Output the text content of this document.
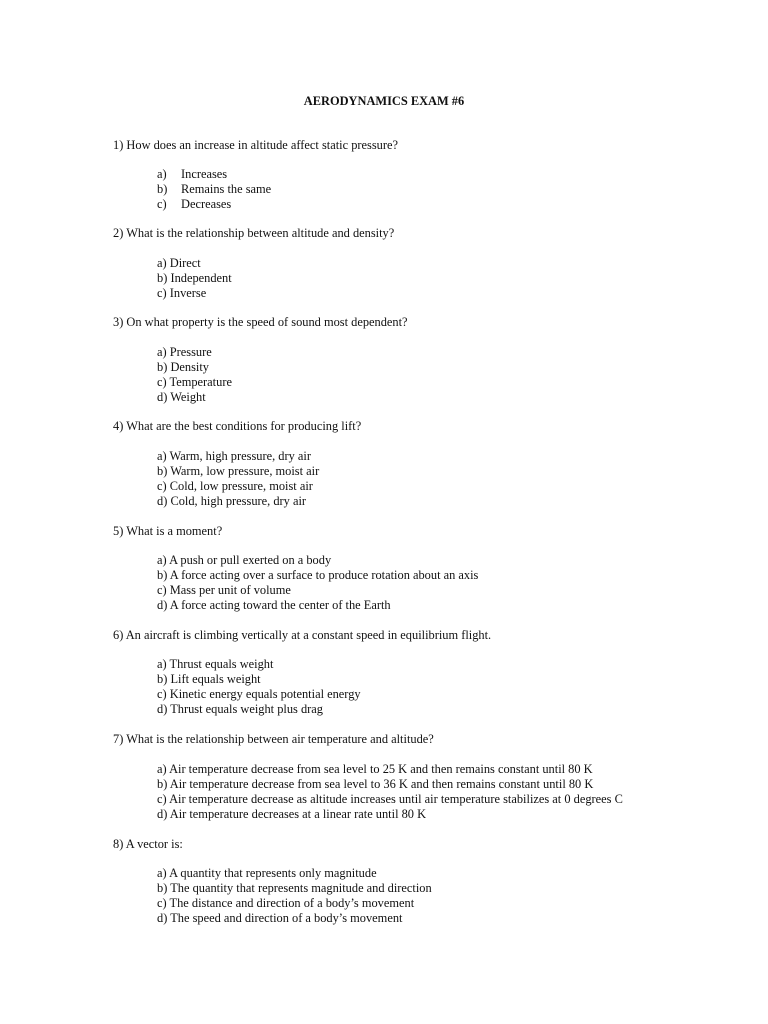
AERODYNAMICS EXAM #6
1) How does an increase in altitude affect static pressure?
a) Increases
b) Remains the same
c) Decreases
2) What is the relationship between altitude and density?
a) Direct
b) Independent
c) Inverse
3) On what property is the speed of sound most dependent?
a) Pressure
b) Density
c) Temperature
d) Weight
4) What are the best conditions for producing lift?
a) Warm, high pressure, dry air
b) Warm, low pressure, moist air
c) Cold, low pressure, moist air
d) Cold, high pressure, dry air
5) What is a moment?
a) A push or pull exerted on a body
b) A force acting over a surface to produce rotation about an axis
c) Mass per unit of volume
d) A force acting toward the center of the Earth
6) An aircraft is climbing vertically at a constant speed in equilibrium flight.
a) Thrust equals weight
b) Lift equals weight
c) Kinetic energy equals potential energy
d) Thrust equals weight plus drag
7) What is the relationship between air temperature and altitude?
a) Air temperature decrease from sea level to 25 K and then remains constant until 80 K
b) Air temperature decrease from sea level to 36 K and then remains constant until 80 K
c) Air temperature decrease as altitude increases until air temperature stabilizes at 0 degrees C
d) Air temperature decreases at a linear rate until 80 K
8) A vector is:
a) A quantity that represents only magnitude
b) The quantity that represents magnitude and direction
c) The distance and direction of a body’s movement
d) The speed and direction of a body’s movement
